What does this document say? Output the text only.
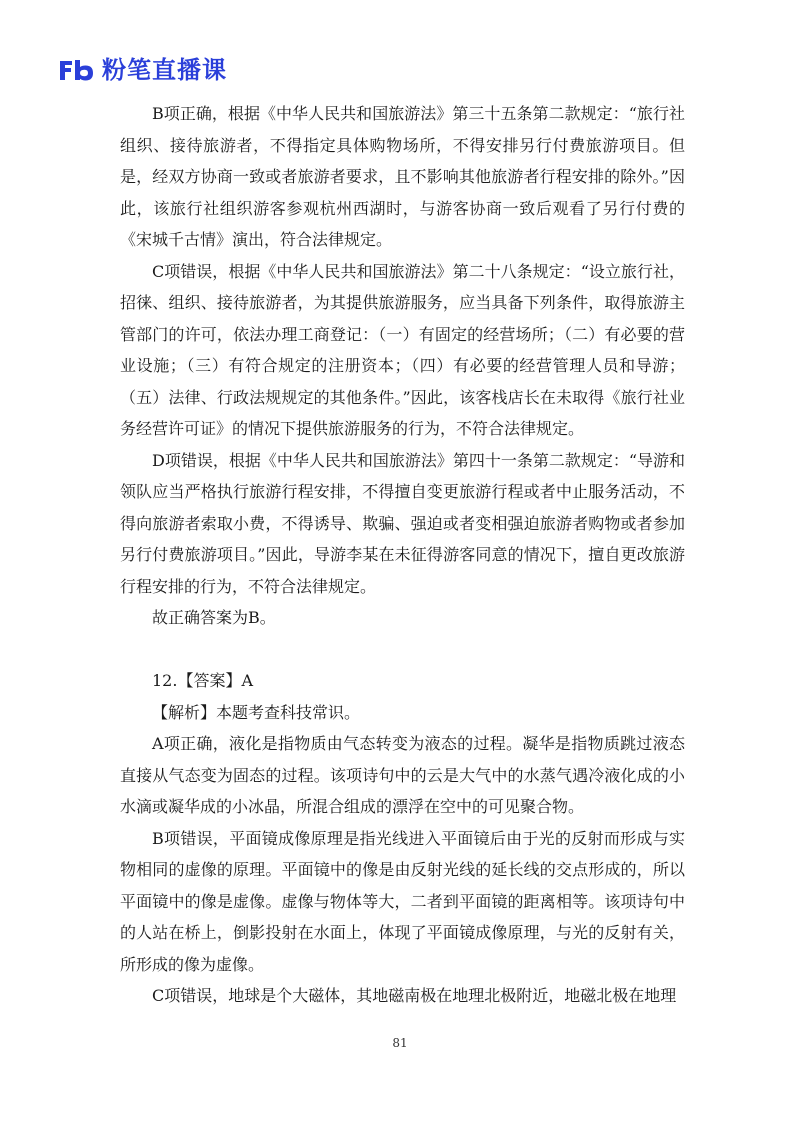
粉笔直播课

B项正确，根据《中华人民共和国旅游法》第三十五条第二款规定：“旅行社组织、接待旅游者，不得指定具体购物场所，不得安排另行付费旅游项目。但是，经双方协商一致或者旅游者要求，且不影响其他旅游者行程安排的除外。”因此，该旅行社组织游客参观杭州西湖时，与游客协商一致后观看了另行付费的《宋城千古情》演出，符合法律规定。

C项错误，根据《中华人民共和国旅游法》第二十八条规定：“设立旅行社，招徕、组织、接待旅游者，为其提供旅游服务，应当具备下列条件，取得旅游主管部门的许可，依法办理工商登记：（一）有固定的经营场所；（二）有必要的营业设施；（三）有符合规定的注册资本；（四）有必要的经营管理人员和导游；（五）法律、行政法规规定的其他条件。”因此，该客栈店长在未取得《旅行社业务经营许可证》的情况下提供旅游服务的行为，不符合法律规定。

D项错误，根据《中华人民共和国旅游法》第四十一条第二款规定：“导游和领队应当严格执行旅游行程安排，不得擅自变更旅游行程或者中止服务活动，不得向旅游者索取小费，不得诱导、欺骗、强迫或者变相强迫旅游者购物或者参加另行付费旅游项目。”因此，导游李某在未征得游客同意的情况下，擅自更改旅游行程安排的行为，不符合法律规定。

故正确答案为B。

12.【答案】A

【解析】本题考查科技常识。

A项正确，液化是指物质由气态转变为液态的过程。凝华是指物质跳过液态直接从气态变为固态的过程。该项诗句中的云是大气中的水蒸气遇冷液化成的小水滴或凝华成的小冰晶，所混合组成的漂浮在空中的可见聚合物。

B项错误，平面镜成像原理是指光线进入平面镜后由于光的反射而形成与实物相同的虚像的原理。平面镜中的像是由反射光线的延长线的交点形成的，所以平面镜中的像是虚像。虚像与物体等大，二者到平面镜的距离相等。该项诗句中的人站在桥上，倒影投射在水面上，体现了平面镜成像原理，与光的反射有关，所形成的像为虚像。

C项错误，地球是个大磁体，其地磁南极在地理北极附近，地磁北极在地理

81
